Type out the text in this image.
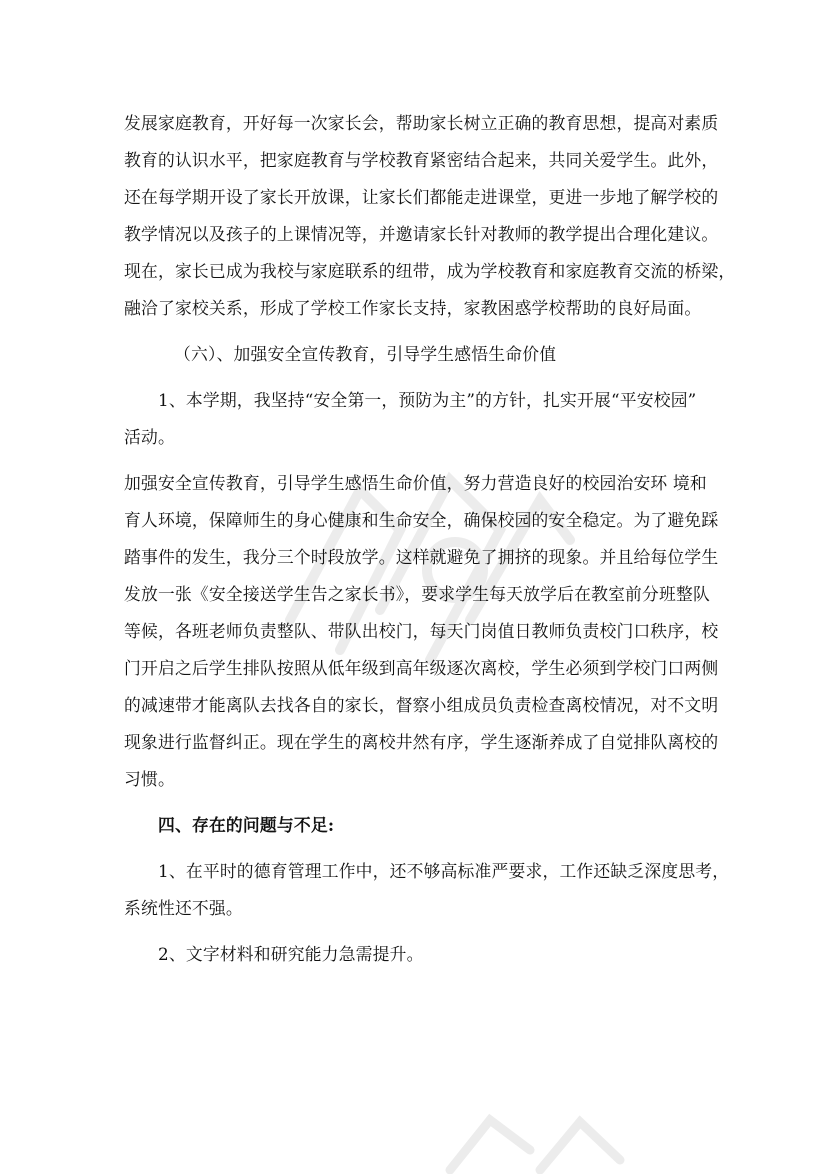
发展家庭教育，开好每一次家长会，帮助家长树立正确的教育思想，提高对素质
教育的认识水平，把家庭教育与学校教育紧密结合起来，共同关爱学生。此外，
还在每学期开设了家长开放课，让家长们都能走进课堂，更进一步地了解学校的
教学情况以及孩子的上课情况等，并邀请家长针对教师的教学提出合理化建议。
现在，家长已成为我校与家庭联系的纽带，成为学校教育和家庭教育交流的桥梁，
融洽了家校关系，形成了学校工作家长支持，家教困惑学校帮助的良好局面。
（六）、加强安全宣传教育，引导学生感悟生命价值
1、本学期，我坚持“安全第一，预防为主”的方针，扎实开展“平安校园”
活动。
加强安全宣传教育，引导学生感悟生命价值，努力营造良好的校园治安环 境和
育人环境，保障师生的身心健康和生命安全，确保校园的安全稳定。为了避免踩
踏事件的发生，我分三个时段放学。这样就避免了拥挤的现象。并且给每位学生
发放一张《安全接送学生告之家长书》，要求学生每天放学后在教室前分班整队
等候，各班老师负责整队、带队出校门，每天门岗值日教师负责校门口秩序，校
门开启之后学生排队按照从低年级到高年级逐次离校，学生必须到学校门口两侧
的减速带才能离队去找各自的家长，督察小组成员负责检查离校情况，对不文明
现象进行监督纠正。现在学生的离校井然有序，学生逐渐养成了自觉排队离校的
习惯。
四、存在的问题与不足:
1、在平时的德育管理工作中，还不够高标准严要求，工作还缺乏深度思考，
系统性还不强。
2、文字材料和研究能力急需提升。
